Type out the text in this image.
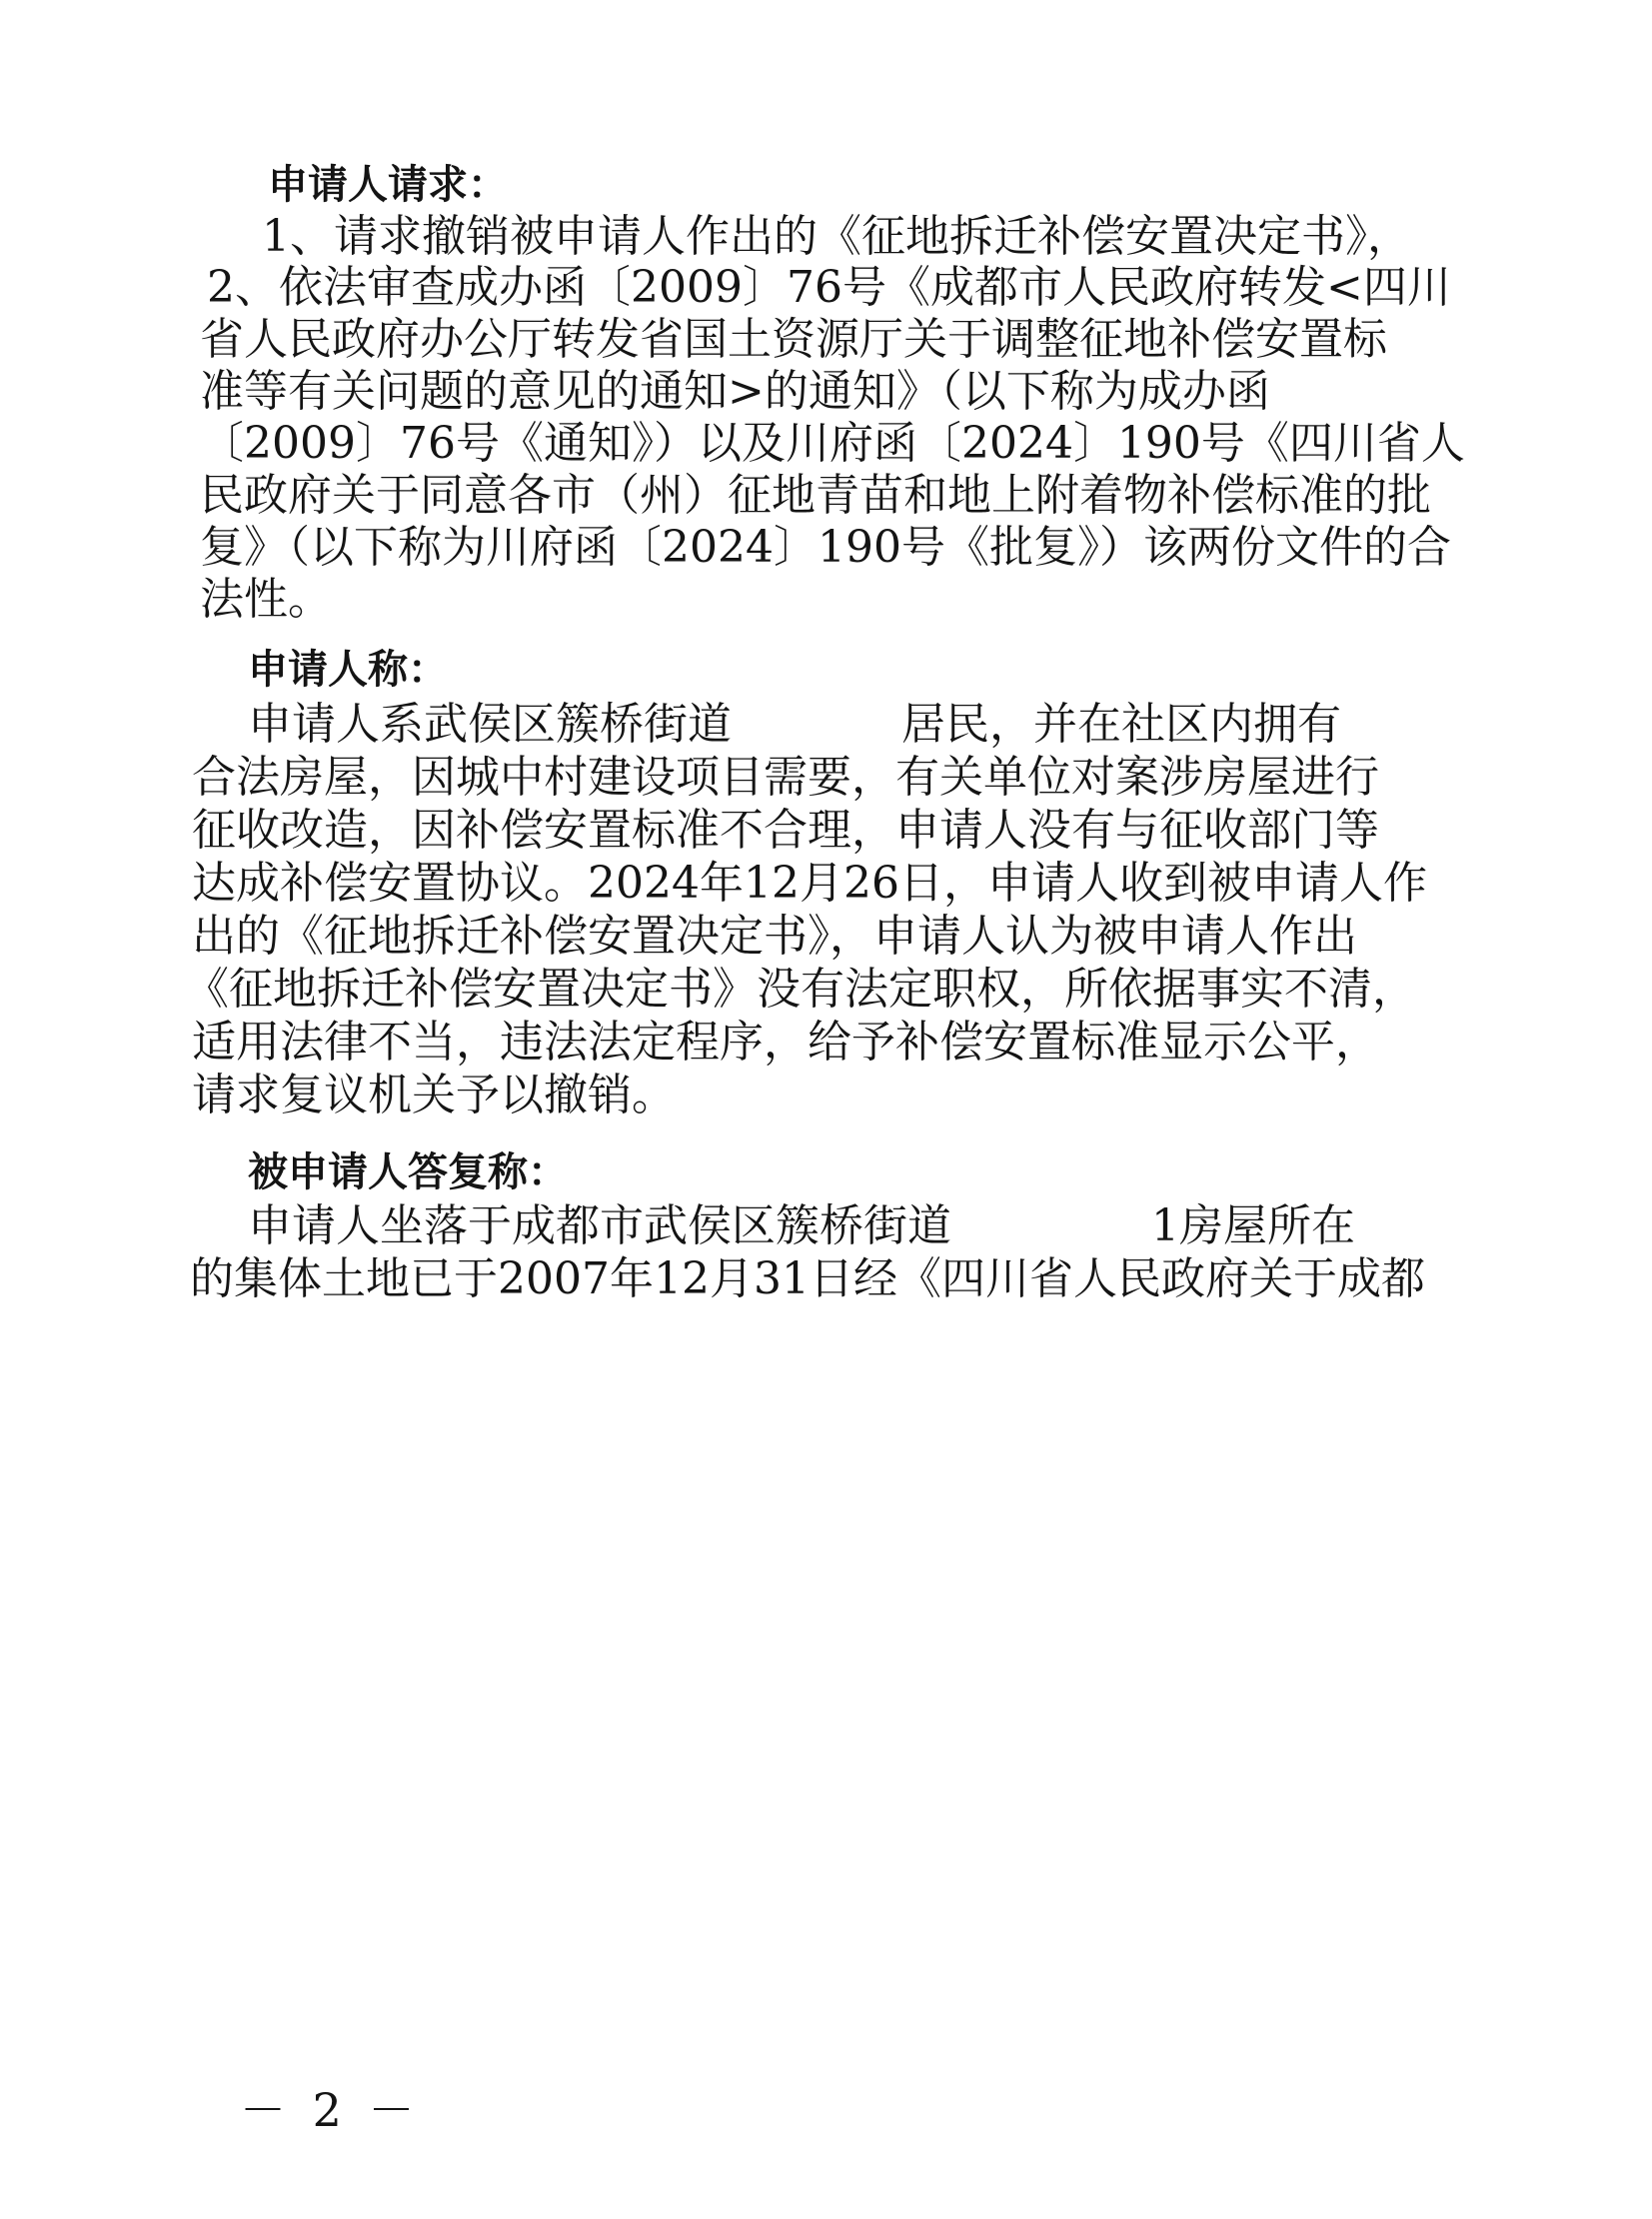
申请人请求：
1、请求撤销被申请人作出的《征地拆迁补偿安置决定书》，
2、依法审查成办函〔2009〕76号《成都市人民政府转发<四川
省人民政府办公厅转发省国土资源厅关于调整征地补偿安置标
准等有关问题的意见的通知>的通知》（以下称为成办函
〔2009〕76号《通知》）以及川府函〔2024〕190号《四川省人
民政府关于同意各市（州）征地青苗和地上附着物补偿标准的批
复》（以下称为川府函〔2024〕190号《批复》）该两份文件的合
法性。
申请人称：
申请人系武侯区簇桥街道	居民，并在社区内拥有
合法房屋，因城中村建设项目需要，有关单位对案涉房屋进行
征收改造，因补偿安置标准不合理，申请人没有与征收部门等
达成补偿安置协议。2024年12月26日，申请人收到被申请人作
出的《征地拆迁补偿安置决定书》，申请人认为被申请人作出
《征地拆迁补偿安置决定书》没有法定职权，所依据事实不清，
适用法律不当，违法法定程序，给予补偿安置标准显示公平，
请求复议机关予以撤销。
被申请人答复称：
申请人坐落于成都市武侯区簇桥街道	1房屋所在
的集体土地已于2007年12月31日经《四川省人民政府关于成都
－ 2 －
